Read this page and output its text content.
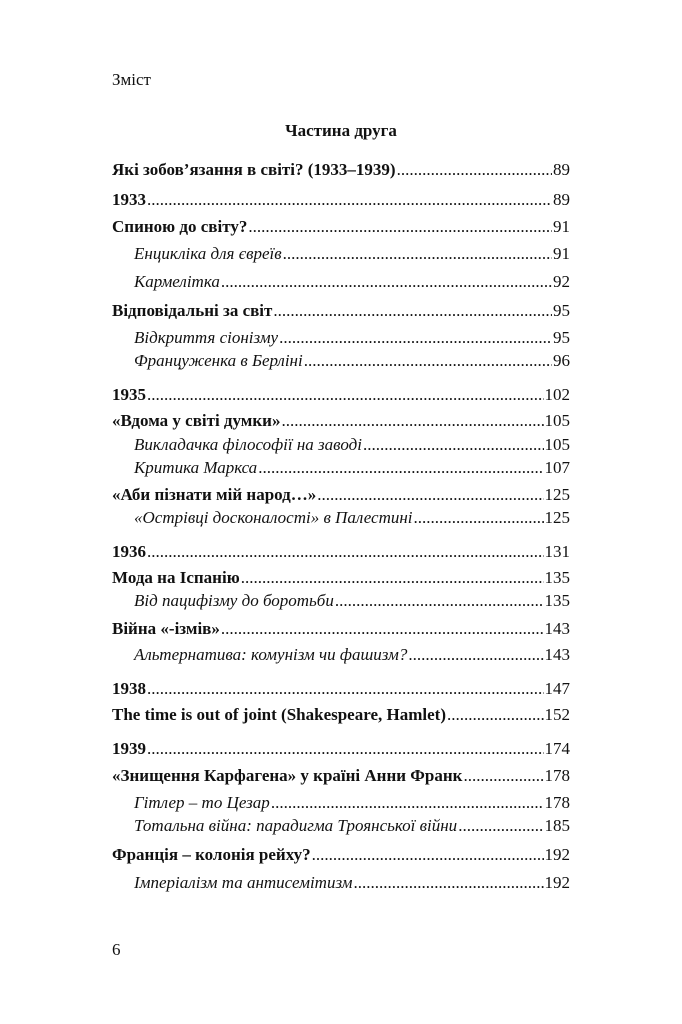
Зміст
Частина друга
Які зобов’язання в світі? (1933–1939) .....	89
1933 .....	89
Спиною до світу? .....	91
Енцикліка для євреїв .....	91
Кармелітка .....	92
Відповідальні за світ .....	95
Відкриття сіонізму .....	95
Француженка в Берліні .....	96
1935 .....	102
«Вдома у світі думки» .....	105
Викладачка філософії на заводі .....	105
Критика Маркса .....	107
«Аби пізнати мій народ…» .....	125
«Острівці досконалості» в Палестині .....	125
1936 .....	131
Мода на Іспанію .....	135
Від пацифізму до боротьби .....	135
Війна «-ізмів» .....	143
Альтернатива: комунізм чи фашизм? .....	143
1938 .....	147
The time is out of joint (Shakespeare, Hamlet) .....	152
1939 .....	174
«Знищення Карфагена» у країні Анни Франк .....	178
Гітлер – то Цезар .....	178
Тотальна війна: парадигма Троянської війни .....	185
Франція – колонія рейху? .....	192
Імперіалізм та антисемітизм .....	192
6
